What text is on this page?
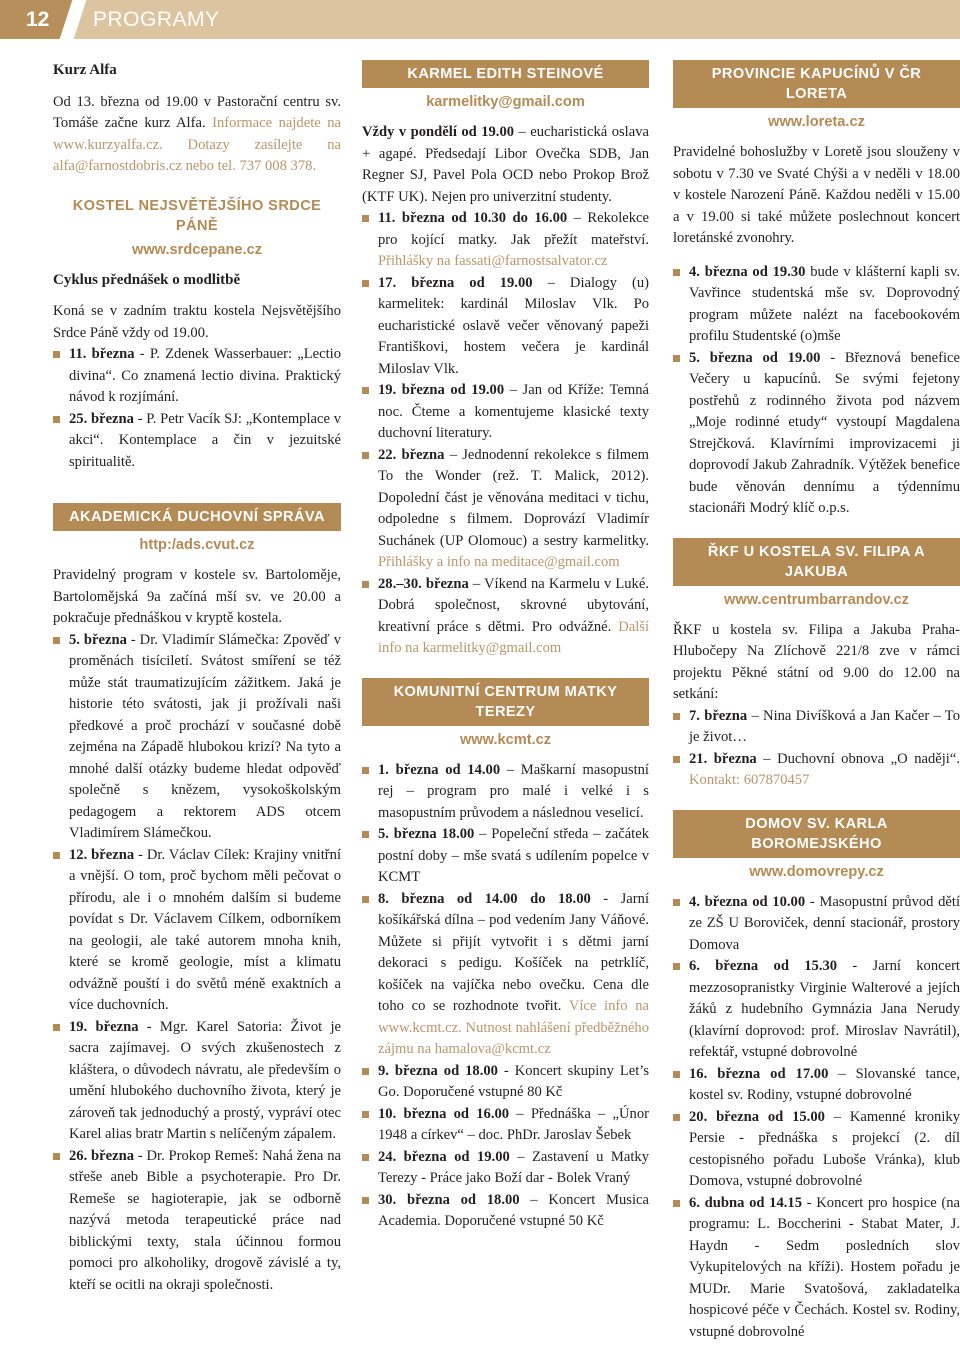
12	PROGRAMY

Kurz Alfa

Od 13. března od 19.00 v Pastorační centru sv. Tomáše začne kurz Alfa. Informace najdete na www.kurzyalfa.cz. Dotazy zasílejte na alfa@farnostdobris.cz nebo tel. 737 008 378.

KOSTEL NEJSVĚTĚJŠÍHO SRDCE PÁNĚ

www.srdcepane.cz

Cyklus přednášek o modlitbě

Koná se v zadním traktu kostela Nejsvětějšího Srdce Páně vždy od 19.00.

11. března - P. Zdenek Wasserbauer: „Lectio divina“. Co znamená lectio divina. Praktický návod k rozjímání.
25. března - P. Petr Vacík SJ: „Kontemplace v akci“. Kontemplace a čin v jezuitské spiritualitě.

AKADEMICKÁ DUCHOVNÍ SPRÁVA

http:/ads.cvut.cz

Pravidelný program v kostele sv. Bartoloměje, Bartolomějská 9a začíná mší sv. ve 20.00 a pokračuje přednáškou v kryptě kostela.

5. března - Dr. Vladimír Slámečka: Zpověď v proměnách tisíciletí. Svátost smíření se též může stát traumatizujícím zážitkem. Jaká je historie této svátosti, jak ji prožívali naši předkové a proč prochází v současné době zejména na Západě hlubokou krizí? Na tyto a mnohé další otázky budeme hledat odpověď společně s knězem, vysokoškolským pedagogem a rektorem ADS otcem Vladimírem Slámečkou.
12. března - Dr. Václav Cílek: Krajiny vnitřní a vnější. O tom, proč bychom měli pečovat o přírodu, ale i o mnohém dalším si budeme povídat s Dr. Václavem Cílkem, odborníkem na geologii, ale také autorem mnoha knih, které se kromě geologie, míst a klimatu odvážně pouští i do světů méně exaktních a více duchovních.
19. března - Mgr. Karel Satoria: Život je sacra zajímavej. O svých zkušenostech z kláštera, o důvodech návratu, ale především o umění hlubokého duchovního života, který je zároveň tak jednoduchý a prostý, vypráví otec Karel alias bratr Martin s nelíčeným zápalem.
26. března - Dr. Prokop Remeš: Nahá žena na střeše aneb Bible a psychoterapie. Pro Dr. Remeše se hagioterapie, jak se odborně nazývá metoda terapeutické práce nad biblickými texty, stala účinnou formou pomoci pro alkoholiky, drogově závislé a ty, kteří se ocitli na okraji společnosti.

KARMEL EDITH STEINOVÉ

karmelitky@gmail.com

Vždy v pondělí od 19.00 – eucharistická oslava + agapé. Předsedají Libor Ovečka SDB, Jan Regner SJ, Pavel Pola OCD nebo Prokop Brož (KTF UK). Nejen pro univerzitní studenty.

11. března od 10.30 do 16.00 – Rekolekce pro kojící matky. Jak přežít mateřství. Přihlášky na fassati@farnostsalvator.cz
17. března od 19.00 – Dialogy (u) karmelitek: kardinál Miloslav Vlk. Po eucharistické oslavě večer věnovaný papeži Františkovi, hostem večera je kardinál Miloslav Vlk.
19. března od 19.00 – Jan od Kříže: Temná noc. Čteme a komentujeme klasické texty duchovní literatury.
22. března – Jednodenní rekolekce s filmem To the Wonder (rež. T. Malick, 2012). Dopolední část je věnována meditaci v tichu, odpoledne s filmem. Doprovází Vladimír Suchánek (UP Olomouc) a sestry karmelitky. Přihlášky a info na meditace@gmail.com
28.–30. března – Víkend na Karmelu v Luké. Dobrá společnost, skrovné ubytování, kreativní práce s dětmi. Pro odvážné. Další info na karmelitky@gmail.com

KOMUNITNÍ CENTRUM MATKY TEREZY

www.kcmt.cz
1. března od 14.00 – Maškarní masopustní rej – program pro malé i velké i s masopustním průvodem a následnou veselicí.
5. března 18.00 – Popeleční středa – začátek postní doby – mše svatá s udílením popelce v KCMT
8. března od 14.00 do 18.00 - Jarní košíkářská dílna – pod vedením Jany Váňové. Můžete si přijít vytvořit i s dětmi jarní dekoraci s pedigu. Košíček na petrklíč, košíček na vajíčka nebo ovečku. Cena dle toho co se rozhodnote tvořit. Více info na www.kcmt.cz. Nutnost nahlášení předběžného zájmu na hamalova@kcmt.cz
9. března od 18.00 - Koncert skupiny Let’s Go. Doporučené vstupné 80 Kč
10. března od 16.00 – Přednáška – „Únor 1948 a církev“ – doc. PhDr. Jaroslav Šebek
24. března od 19.00 – Zastavení u Matky Terezy - Práce jako Boží dar - Bolek Vraný
30. března od 18.00 – Koncert Musica Academia. Doporučené vstupné 50 Kč

PROVINCIE KAPUCÍNŮ V ČR LORETA

www.loreta.cz

Pravidelné bohoslužby v Loretě jsou slouženy v sobotu v 7.30 ve Svaté Chýši a v neděli v 18.00 v kostele Narození Páně. Každou neděli v 15.00 a v 19.00 si také můžete poslechnout koncert loretánské zvonohry.

4. března od 19.30 bude v klášterní kapli sv. Vavřince studentská mše sv. Doprovodný program můžete nalézt na facebookovém profilu Studentské (o)mše
5. března od 19.00 - Březnová benefice Večery u kapucínů. Se svými fejetony postřehů z rodinného života pod názvem „Moje rodinné etudy“ vystoupí Magdalena Strejčková. Klavírními improvizacemi ji doprovodí Jakub Zahradník. Výtěžek benefice bude věnován dennímu a týdennímu stacionáři Modrý klíč o.p.s.

ŘKF U KOSTELA SV. FILIPA A JAKUBA

www.centrumbarrandov.cz

ŘKF u kostela sv. Filipa a Jakuba Praha-Hlubočepy Na Zlíchově 221/8 zve v rámci projektu Pěkné státní od 9.00 do 12.00 na setkání:

7. března – Nina Divíšková a Jan Kačer – To je život…
21. března – Duchovní obnova „O naději“. Kontakt: 607870457

DOMOV SV. KARLA BOROMEJSKÉHO

www.domovrepy.cz
4. března od 10.00 - Masopustní průvod dětí ze ZŠ U Boroviček, denní stacionář, prostory Domova
6. března od 15.30 - Jarní koncert mezzosopranistky Virginie Walterové a jejích žáků z hudebního Gymnázia Jana Nerudy (klavírní doprovod: prof. Miroslav Navrátil), refektář, vstupné dobrovolné
16. března od 17.00 – Slovanské tance, kostel sv. Rodiny, vstupné dobrovolné
20. března od 15.00 – Kamenné kroniky Persie - přednáška s projekcí (2. díl cestopisného pořadu Luboše Vránka), klub Domova, vstupné dobrovolné
6. dubna od 14.15 - Koncert pro hospice (na programu: L. Boccherini - Stabat Mater, J. Haydn - Sedm posledních slov Vykupitelových na kříži). Hostem pořadu je MUDr. Marie Svatošová, zakladatelka hospicové péče v Čechách. Kostel sv. Rodiny, vstupné dobrovolné
